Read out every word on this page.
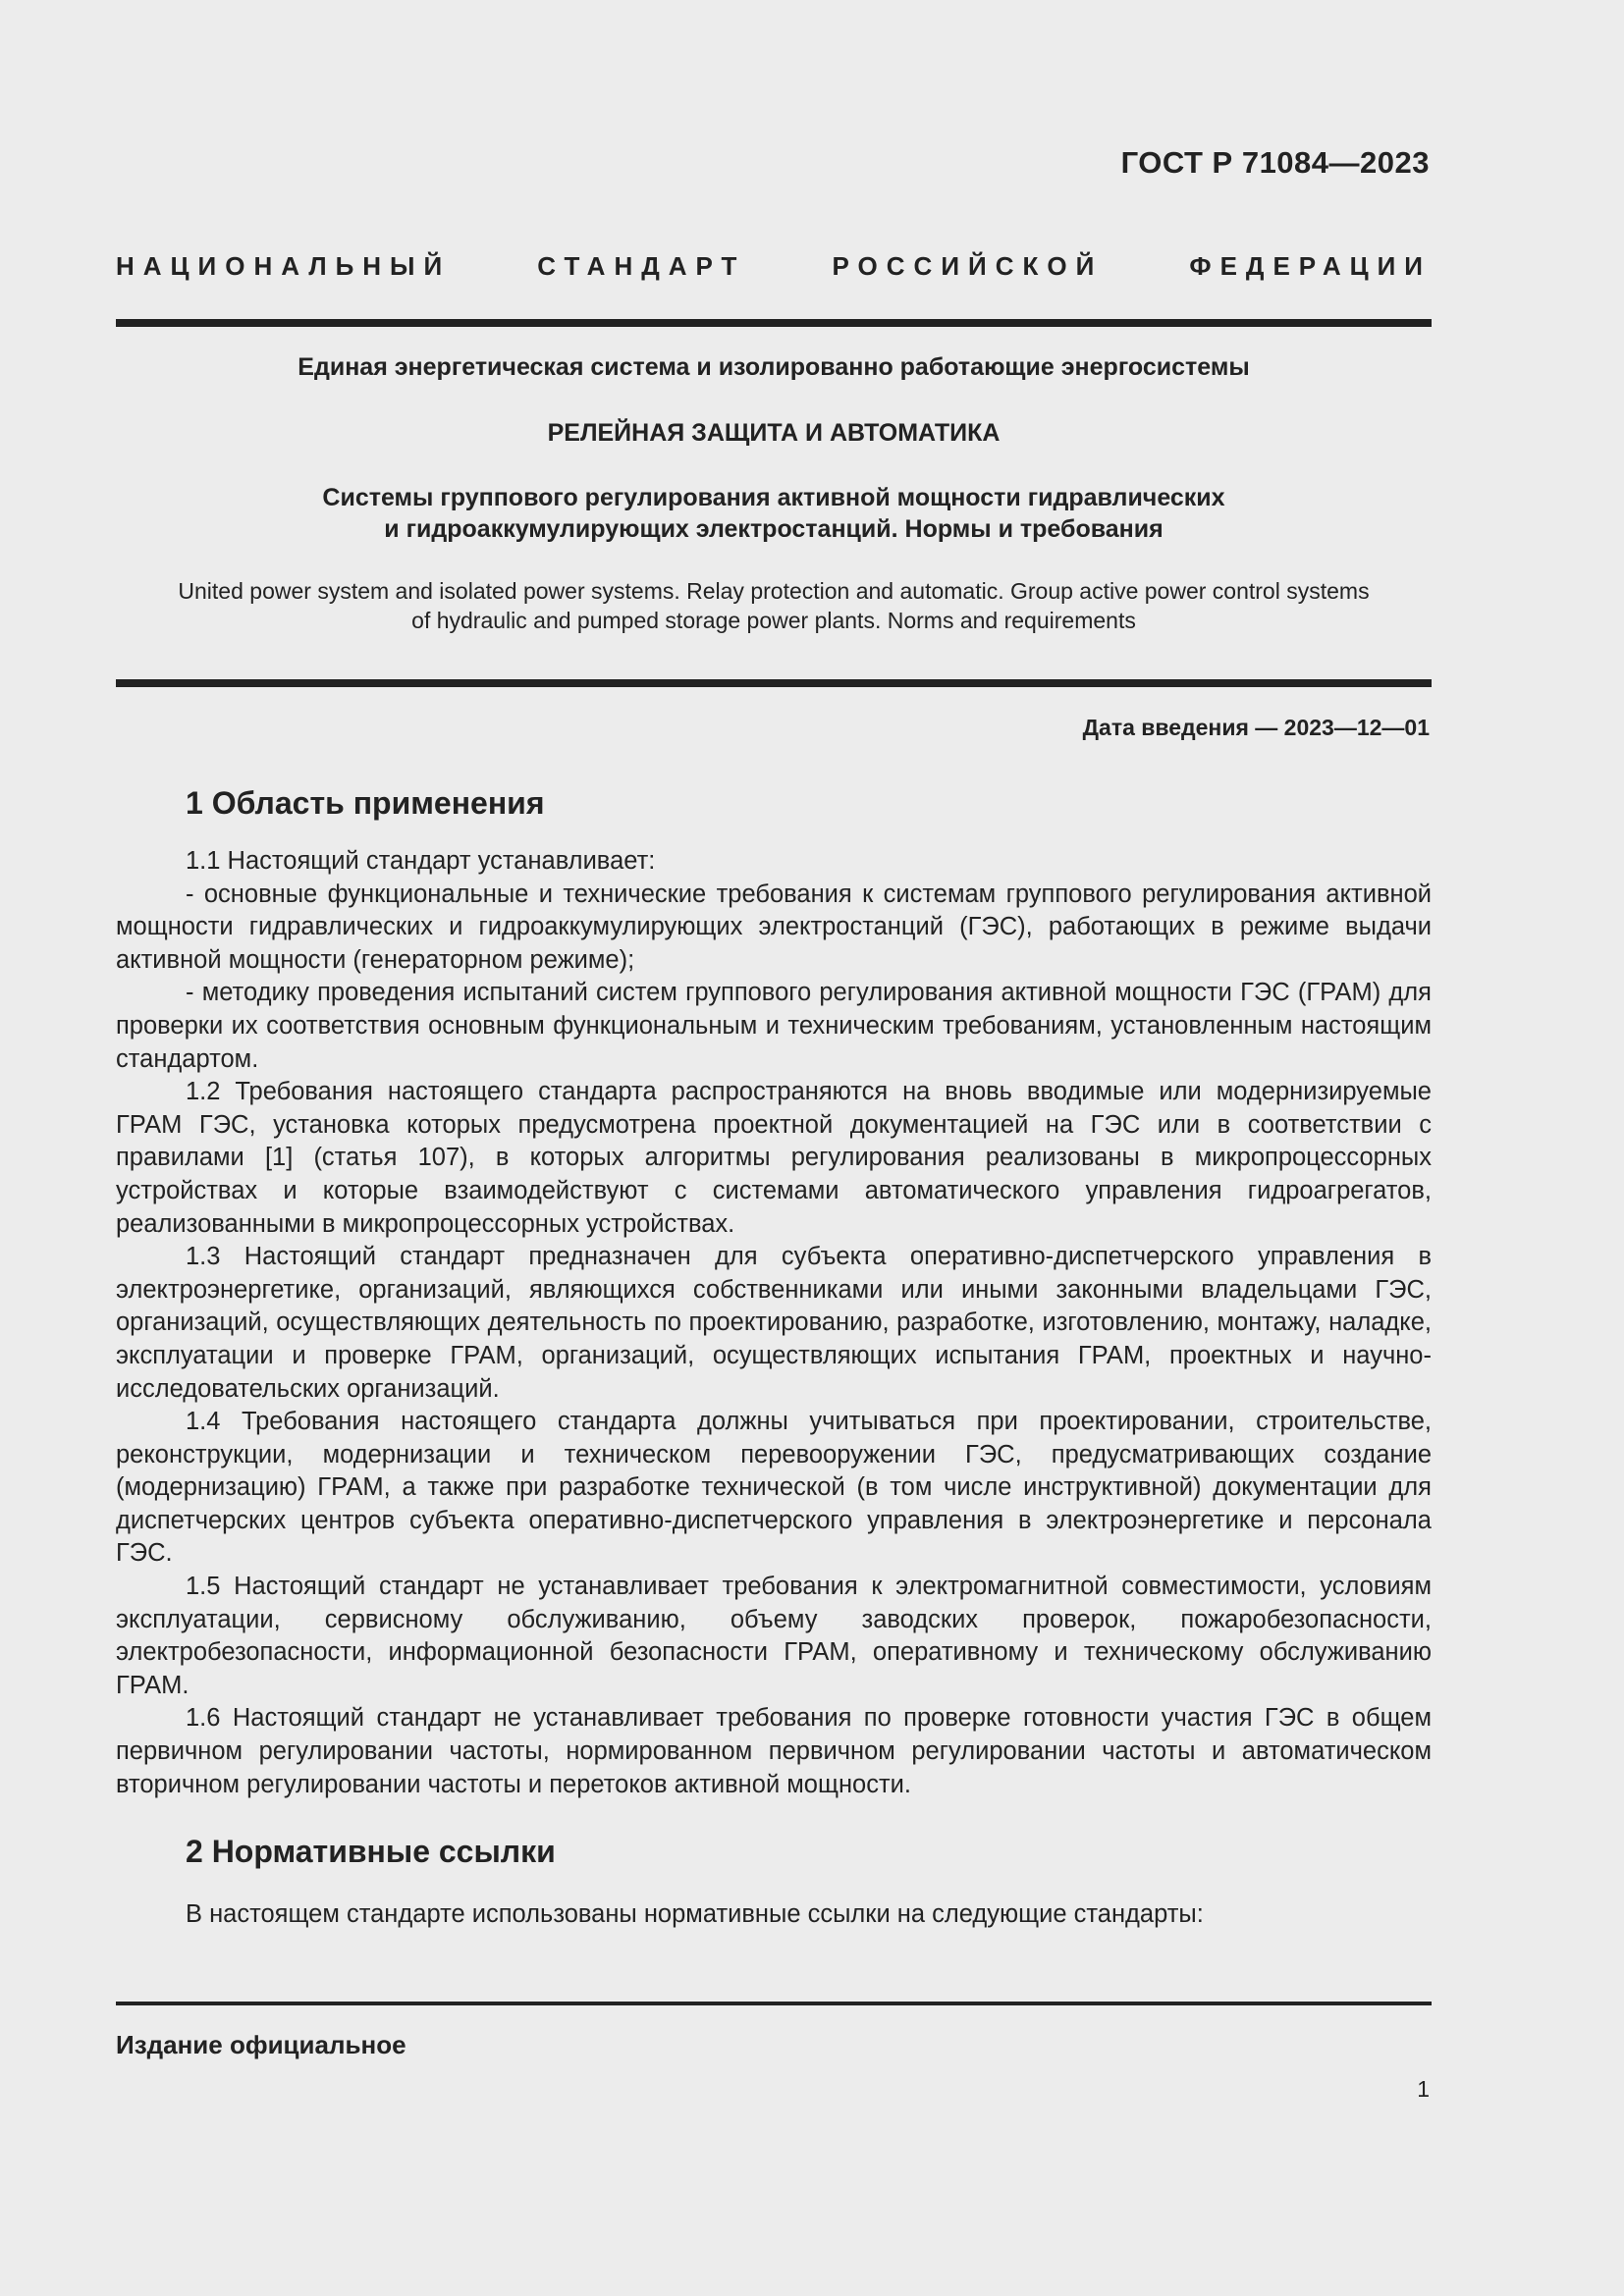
ГОСТ Р 71084—2023
НАЦИОНАЛЬНЫЙ СТАНДАРТ РОССИЙСКОЙ ФЕДЕРАЦИИ
Единая энергетическая система и изолированно работающие энергосистемы
РЕЛЕЙНАЯ ЗАЩИТА И АВТОМАТИКА
Системы группового регулирования активной мощности гидравлических
и гидроаккумулирующих электростанций. Нормы и требования
United power system and isolated power systems. Relay protection and automatic. Group active power control systems
of hydraulic and pumped storage power plants. Norms and requirements
Дата введения — 2023—12—01
1 Область применения

1.1 Настоящий стандарт устанавливает:

- основные функциональные и технические требования к системам группового регулирования активной мощности гидравлических и гидроаккумулирующих электростанций (ГЭС), работающих в режиме выдачи активной мощности (генераторном режиме);

- методику проведения испытаний систем группового регулирования активной мощности ГЭС (ГРАМ) для проверки их соответствия основным функциональным и техническим требованиям, установленным настоящим стандартом.

1.2 Требования настоящего стандарта распространяются на вновь вводимые или модернизируемые ГРАМ ГЭС, установка которых предусмотрена проектной документацией на ГЭС или в соответствии с правилами [1] (статья 107), в которых алгоритмы регулирования реализованы в микропроцессорных устройствах и которые взаимодействуют с системами автоматического управления гидроагрегатов, реализованными в микропроцессорных устройствах.

1.3 Настоящий стандарт предназначен для субъекта оперативно-диспетчерского управления в электроэнергетике, организаций, являющихся собственниками или иными законными владельцами ГЭС, организаций, осуществляющих деятельность по проектированию, разработке, изготовлению, монтажу, наладке, эксплуатации и проверке ГРАМ, организаций, осуществляющих испытания ГРАМ, проектных и научно-исследовательских организаций.

1.4 Требования настоящего стандарта должны учитываться при проектировании, строительстве, реконструкции, модернизации и техническом перевооружении ГЭС, предусматривающих создание (модернизацию) ГРАМ, а также при разработке технической (в том числе инструктивной) документации для диспетчерских центров субъекта оперативно-диспетчерского управления в электроэнергетике и персонала ГЭС.

1.5 Настоящий стандарт не устанавливает требования к электромагнитной совместимости, условиям эксплуатации, сервисному обслуживанию, объему заводских проверок, пожаробезопасности, электробезопасности, информационной безопасности ГРАМ, оперативному и техническому обслуживанию ГРАМ.

1.6 Настоящий стандарт не устанавливает требования по проверке готовности участия ГЭС в общем первичном регулировании частоты, нормированном первичном регулировании частоты и автоматическом вторичном регулировании частоты и перетоков активной мощности.

2 Нормативные ссылки

В настоящем стандарте использованы нормативные ссылки на следующие стандарты:

Издание официальное
1
